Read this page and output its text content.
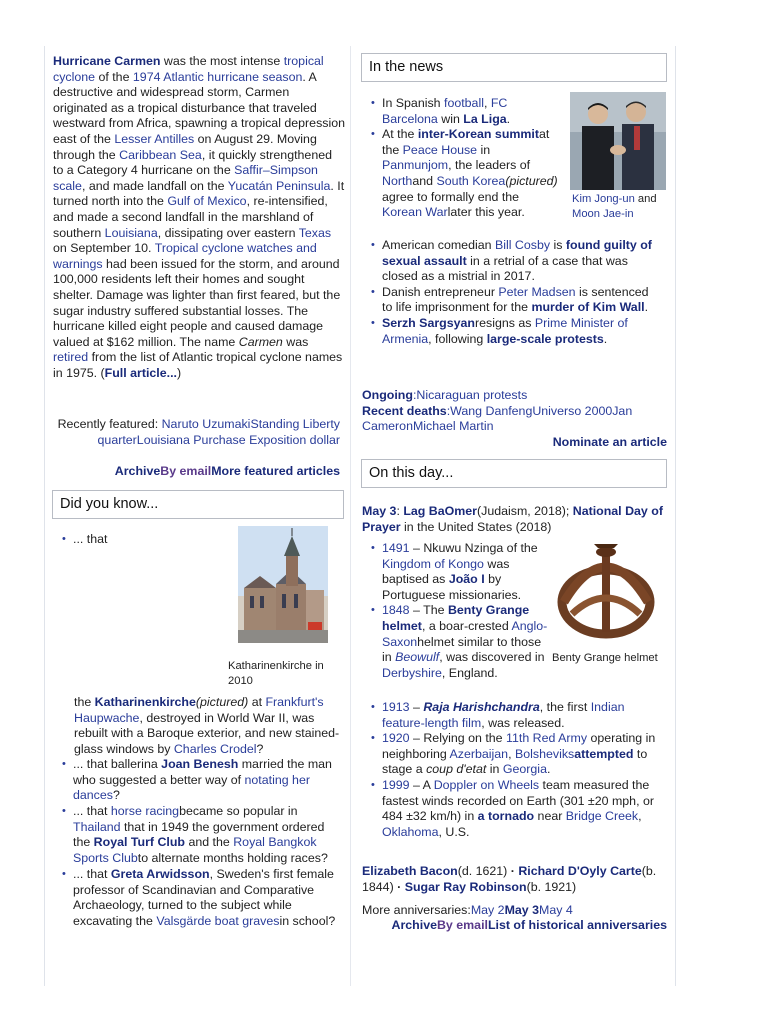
Hurricane Carmen was the most intense tropical cyclone of the 1974 Atlantic hurricane season. A destructive and widespread storm, Carmen originated as a tropical disturbance that traveled westward from Africa, spawning a tropical depression east of the Lesser Antilles on August 29. Moving through the Caribbean Sea, it quickly strengthened to a Category 4 hurricane on the Saffir–Simpson scale, and made landfall on the Yucatán Peninsula. It turned north into the Gulf of Mexico, re-intensified, and made a second landfall in the marshland of southern Louisiana, dissipating over eastern Texas on September 10. Tropical cyclone watches and warnings had been issued for the storm, and around 100,000 residents left their homes and sought shelter. Damage was lighter than first feared, but the sugar industry suffered substantial losses. The hurricane killed eight people and caused damage valued at $162 million. The name Carmen was retired from the list of Atlantic tropical cyclone names in 1975. (Full article...)
Recently featured: Naruto UzumakiStanding Liberty quarterLouisiana Purchase Exposition dollar
ArchiveBy emailMore featured articles
Did you know...
• ... that
Katharinenkirche in 2010
the Katharinenkirche(pictured) at Frankfurt's Haupwache, destroyed in World War II, was rebuilt with a Baroque exterior, and new stained-glass windows by Charles Crodel?
• ... that ballerina Joan Benesh married the man who suggested a better way of notating her dances?
• ... that horse racingbecame so popular in Thailand that in 1949 the government ordered the Royal Turf Club and the Royal Bangkok Sports Clubto alternate months holding races?
• ... that Greta Arwidsson, Sweden's first female professor of Scandinavian and Comparative Archaeology, turned to the subject while excavating the Valsgärde boat gravesin school?
In the news
Kim Jong-un and Moon Jae-in
• In Spanish football, FC Barcelona win La Liga.
• At the inter-Korean summitat the Peace House in Panmunjom, the leaders of Northand South Korea(pictured) agree to formally end the Korean Warlater this year.
• American comedian Bill Cosby is found guilty of sexual assault in a retrial of a case that was closed as a mistrial in 2017.
• Danish entrepreneur Peter Madsen is sentenced to life imprisonment for the murder of Kim Wall.
• Serzh Sargsyanresigns as Prime Minister of Armenia, following large-scale protests.
Ongoing:Nicaraguan protests
Recent deaths:Wang DanfengUniverso 2000Jan CameronMichael Martin
Nominate an article
On this day...
May 3: Lag BaOmer(Judaism, 2018); National Day of Prayer in the United States (2018)
Benty Grange helmet
• 1491 – Nkuwu Nzinga of the Kingdom of Kongo was baptised as João I by Portuguese missionaries.
• 1848 – The Benty Grange helmet, a boar-crested Anglo-Saxonhelmet similar to those in Beowulf, was discovered in Derbyshire, England.
• 1913 – Raja Harishchandra, the first Indian feature-length film, was released.
• 1920 – Relying on the 11th Red Army operating in neighboring Azerbaijan, Bolsheviksattempted to stage a coup d'etat in Georgia.
• 1999 – A Doppler on Wheels team measured the fastest winds recorded on Earth (301 ±20 mph, or 484 ±32 km/h) in a tornado near Bridge Creek, Oklahoma, U.S.
Elizabeth Bacon(d. 1621) · Richard D'Oyly Carte(b. 1844) · Sugar Ray Robinson(b. 1921)
More anniversaries:May 2May 3May 4
ArchiveBy emailList of historical anniversaries
